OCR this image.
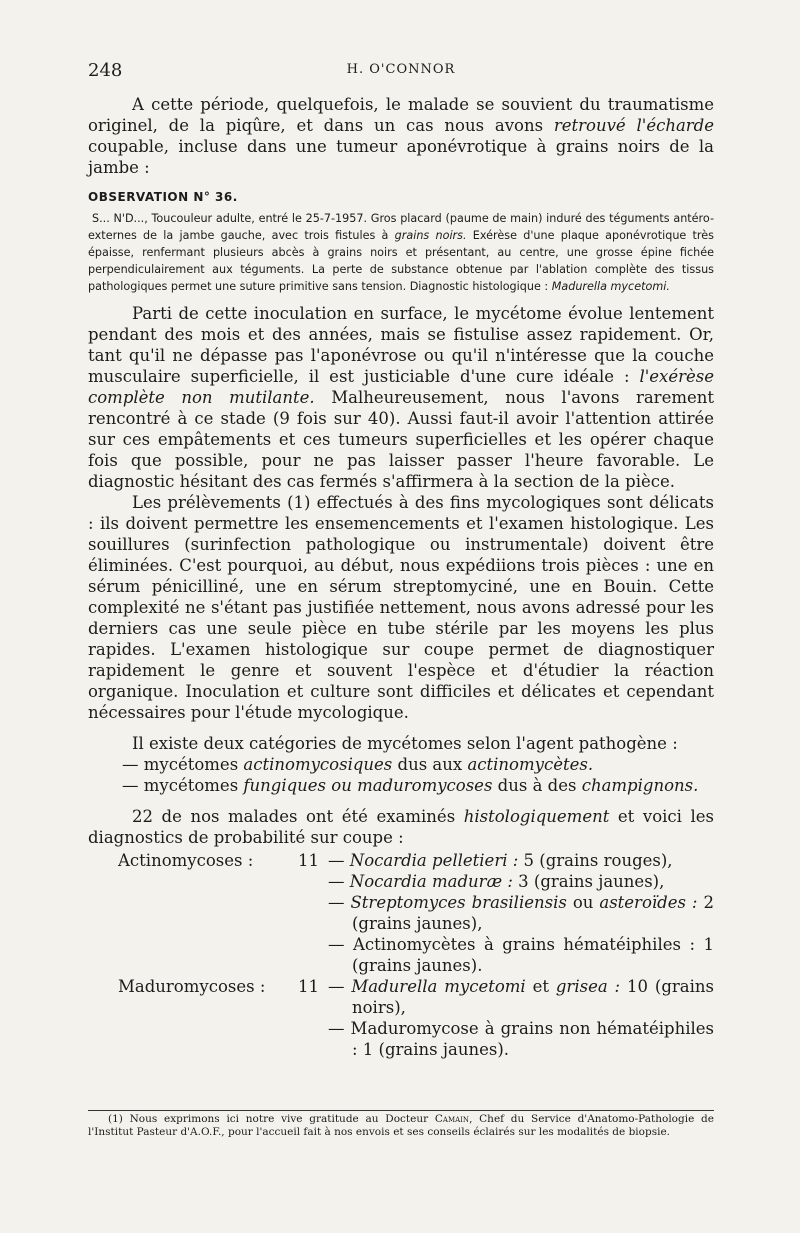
248	H. O'CONNOR

A cette période, quelquefois, le malade se souvient du traumatisme originel, de la piqûre, et dans un cas nous avons retrouvé l'écharde coupable, incluse dans une tumeur aponévrotique à grains noirs de la jambe :

OBSERVATION N° 36.

S... N'D..., Toucouleur adulte, entré le 25-7-1957. Gros placard (paume de main) induré des téguments antéro-externes de la jambe gauche, avec trois fistules à grains noirs. Exérèse d'une plaque aponévrotique très épaisse, renfermant plusieurs abcès à grains noirs et présentant, au centre, une grosse épine fichée perpendiculairement aux téguments. La perte de substance obtenue par l'ablation complète des tissus pathologiques permet une suture primitive sans tension. Diagnostic histologique : Madurella mycetomi.

Parti de cette inoculation en surface, le mycétome évolue lentement pendant des mois et des années, mais se fistulise assez rapidement. Or, tant qu'il ne dépasse pas l'aponévrose ou qu'il n'intéresse que la couche musculaire superficielle, il est justiciable d'une cure idéale : l'exérèse complète non mutilante. Malheureusement, nous l'avons rarement rencontré à ce stade (9 fois sur 40). Aussi faut-il avoir l'attention attirée sur ces empâtements et ces tumeurs superficielles et les opérer chaque fois que possible, pour ne pas laisser passer l'heure favorable. Le diagnostic hésitant des cas fermés s'affirmera à la section de la pièce.

Les prélèvements (1) effectués à des fins mycologiques sont délicats : ils doivent permettre les ensemencements et l'examen histologique. Les souillures (surinfection pathologique ou instrumentale) doivent être éliminées. C'est pourquoi, au début, nous expédiions trois pièces : une en sérum pénicilliné, une en sérum streptomyciné, une en Bouin. Cette complexité ne s'étant pas justifiée nettement, nous avons adressé pour les derniers cas une seule pièce en tube stérile par les moyens les plus rapides. L'examen histologique sur coupe permet de diagnostiquer rapidement le genre et souvent l'espèce et d'étudier la réaction organique. Inoculation et culture sont difficiles et délicates et cependant nécessaires pour l'étude mycologique.

Il existe deux catégories de mycétomes selon l'agent pathogène :

— mycétomes actinomycosiques dus aux actinomycètes.

— mycétomes fungiques ou maduromycoses dus à des champignons.

22 de nos malades ont été examinés histologiquement et voici les diagnostics de probabilité sur coupe :

Actinomycoses :	11 — Nocardia pelletieri : 5 (grains rouges),
— Nocardia maduræ : 3 (grains jaunes),
— Streptomyces brasiliensis ou asteroïdes : 2 (grains jaunes),
— Actinomycètes à grains hématéiphiles : 1 (grains jaunes).
Maduromycoses :	11 — Madurella mycetomi et grisea : 10 (grains noirs),
— Maduromycose à grains non hématéiphiles : 1 (grains jaunes).
(1) Nous exprimons ici notre vive gratitude au Docteur Camain, Chef du Service d'Anatomo-Pathologie de l'Institut Pasteur d'A.O.F., pour l'accueil fait à nos envois et ses conseils éclairés sur les modalités de biopsie.
